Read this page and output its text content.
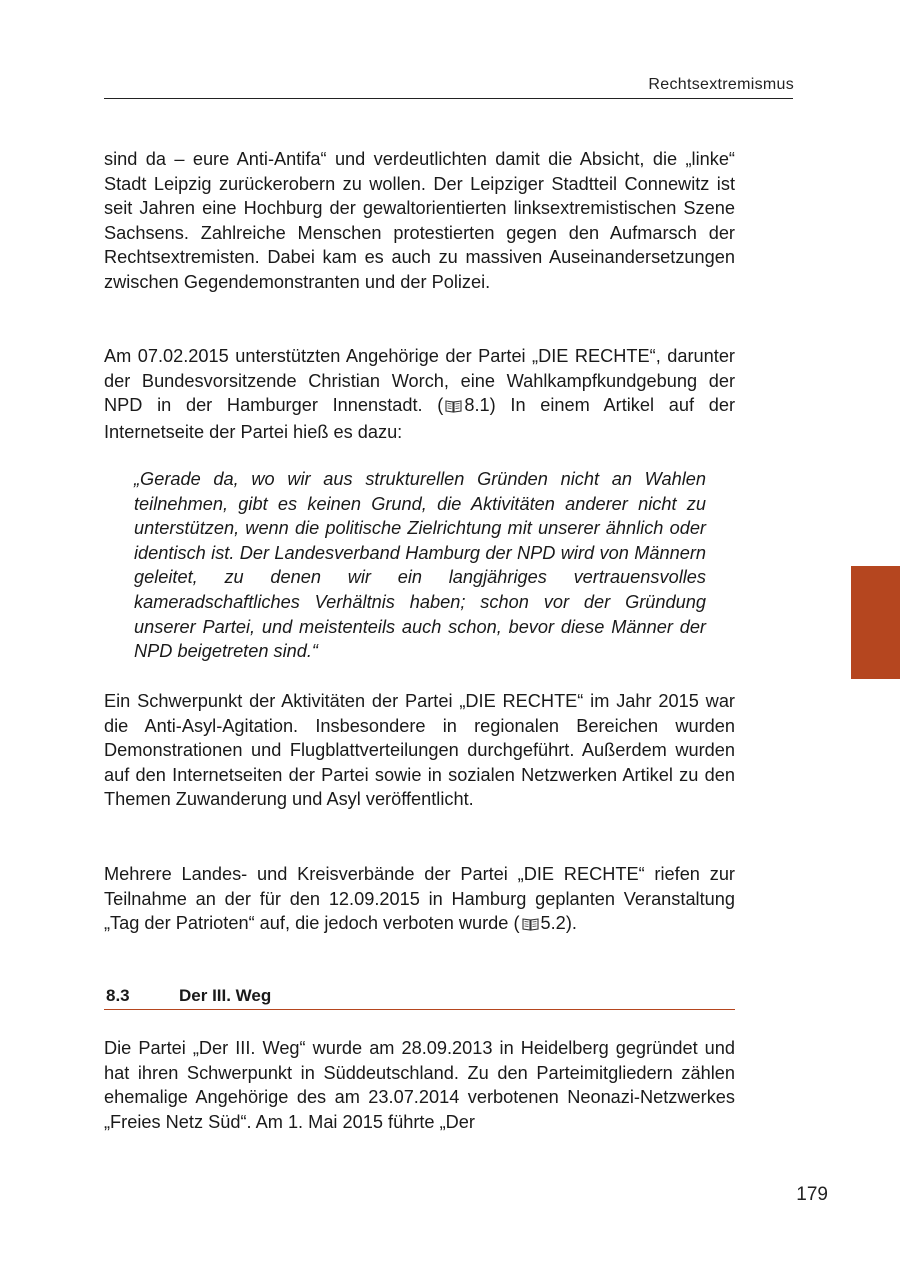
Rechtsextremismus

sind da – eure Anti-Antifa“ und verdeutlichten damit die Absicht, die „linke“ Stadt Leipzig zurückerobern zu wollen. Der Leipziger Stadtteil Connewitz ist seit Jahren eine Hochburg der gewaltorientierten linksextremistischen Szene Sachsens. Zahlreiche Menschen protestierten gegen den Aufmarsch der Rechtsextremisten. Dabei kam es auch zu massiven Auseinandersetzungen zwischen Gegendemonstranten und der Polizei.

Am 07.02.2015 unterstützten Angehörige der Partei „DIE RECHTE“, darunter der Bundesvorsitzende Christian Worch, eine Wahlkampfkundgebung der NPD in der Hamburger Innenstadt. ( 8.1) In einem Artikel auf der Internetseite der Partei hieß es dazu:

„Gerade da, wo wir aus strukturellen Gründen nicht an Wahlen teilnehmen, gibt es keinen Grund, die Aktivitäten anderer nicht zu unterstützen, wenn die politische Zielrichtung mit unserer ähnlich oder identisch ist. Der Landesverband Hamburg der NPD wird von Männern geleitet, zu denen wir ein langjähriges vertrauensvolles kameradschaftliches Verhältnis haben; schon vor der Gründung unserer Partei, und meistenteils auch schon, bevor diese Männer der NPD beigetreten sind.“

Ein Schwerpunkt der Aktivitäten der Partei „DIE RECHTE“ im Jahr 2015 war die Anti-Asyl-Agitation. Insbesondere in regionalen Bereichen wurden Demonstrationen und Flugblattverteilungen durchgeführt. Außerdem wurden auf den Internetseiten der Partei sowie in sozialen Netzwerken Artikel zu den Themen Zuwanderung und Asyl veröffentlicht.

Mehrere Landes- und Kreisverbände der Partei „DIE RECHTE“ riefen zur Teilnahme an der für den 12.09.2015 in Hamburg geplanten Veranstaltung „Tag der Patrioten“ auf, die jedoch verboten wurde ( 5.2).

8.3	Der III. Weg

Die Partei „Der III. Weg“ wurde am 28.09.2013 in Heidelberg gegründet und hat ihren Schwerpunkt in Süddeutschland. Zu den Parteimitgliedern zählen ehemalige Angehörige des am 23.07.2014 verbotenen Neonazi-Netzwerkes „Freies Netz Süd“. Am 1. Mai 2015 führte „Der

179
